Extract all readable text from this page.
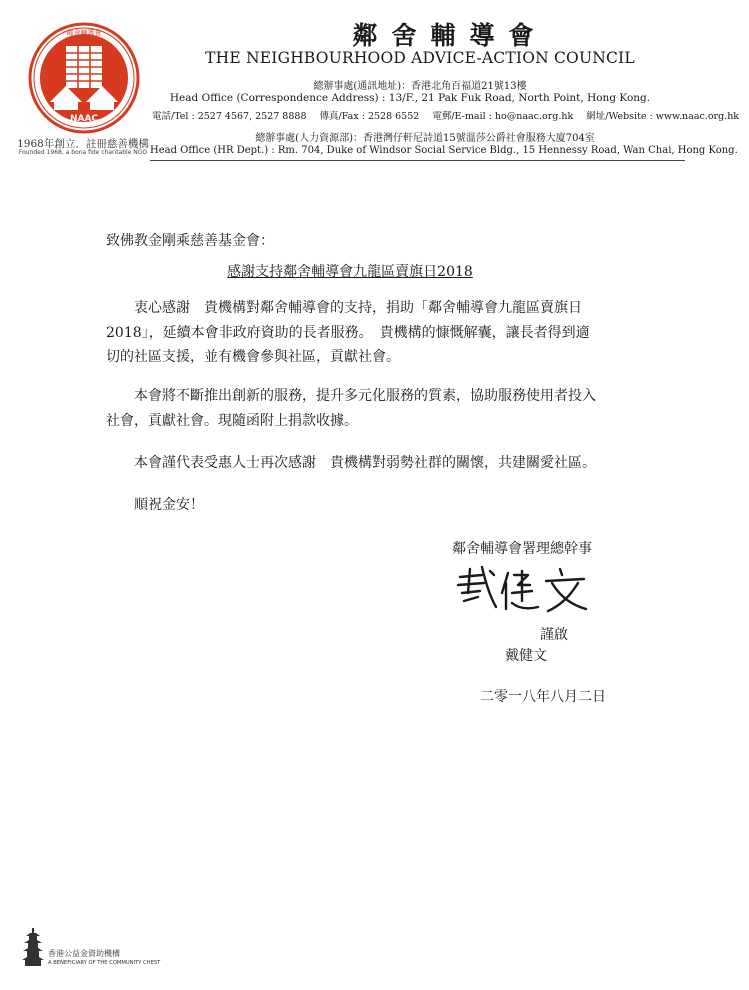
NAAC
鄰舍輔導會
1968年創立．註冊慈善機構
Founded 1968, a bona fide charitable NGO
鄰舍輔導會
THE NEIGHBOURHOOD ADVICE-ACTION COUNCIL
總辦事處(通訊地址)：香港北角百福道21號13樓
Head Office (Correspondence Address) : 13/F., 21 Pak Fuk Road, North Point, Hong Kong.
電話/Tel : 2527 4567, 2527 8888 傳真/Fax : 2528 6552 電郵/E-mail : ho@naac.org.hk 網址/Website : www.naac.org.hk
總辦事處(人力資源部)：香港灣仔軒尼詩道15號溫莎公爵社會服務大廈704室
Head Office (HR Dept.) : Rm. 704, Duke of Windsor Social Service Bldg., 15 Hennessy Road, Wan Chai, Hong Kong.
致佛教金剛乘慈善基金會：
感謝支持鄰舍輔導會九龍區賣旗日2018

衷心感謝　貴機構對鄰舍輔導會的支持，捐助「鄰舍輔導會九龍區賣旗日2018」，延續本會非政府資助的長者服務。　貴機構的慷慨解囊，讓長者得到適切的社區支援，並有機會參與社區，貢獻社會。

本會將不斷推出創新的服務，提升多元化服務的質素，協助服務使用者投入社會，貢獻社會。現隨函附上捐款收據。

本會謹代表受惠人士再次感謝　貴機構對弱勢社群的關懷，共建關愛社區。

順祝金安！
鄰舍輔導會署理總幹事
謹啟
戴健文
二零一八年八月二日
香港公益金資助機構
A BENEFICIARY OF THE COMMUNITY CHEST
